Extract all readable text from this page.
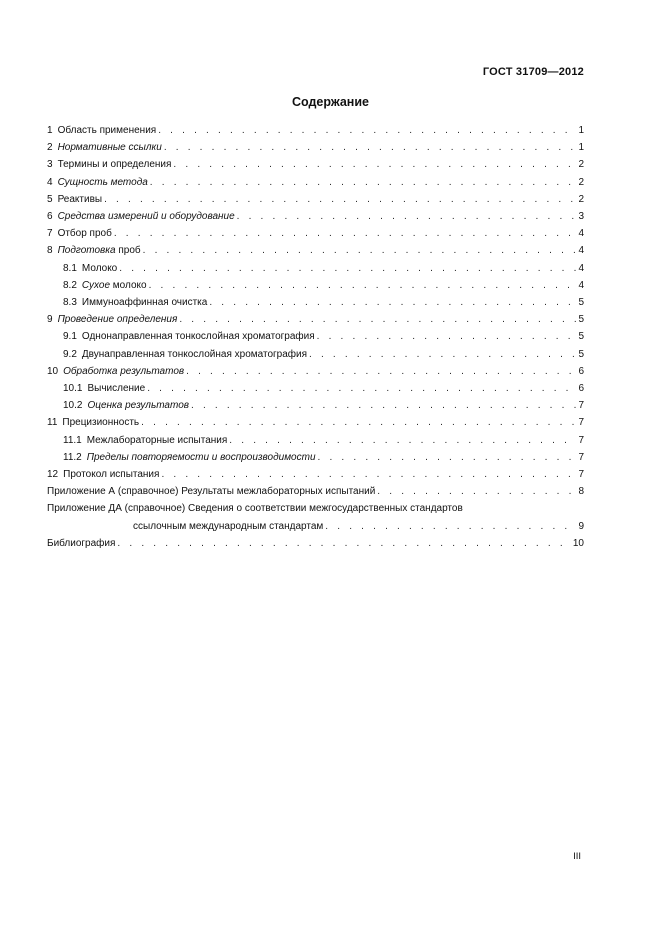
ГОСТ 31709—2012
Содержание
1 Область применения . . .	1
2 Нормативные ссылки . . .	1
3 Термины и определения . . .	2
4 Сущность метода . . .	2
5 Реактивы . . .	2
6 Средства измерений и оборудование . . .	3
7 Отбор проб . . .	4
8 Подготовка проб . . .	4
8.1 Молоко . . .	4
8.2 Сухое молоко . . .	4
8.3 Иммуноаффинная очистка . . .	5
9 Проведение определения . . .	5
9.1 Однонаправленная тонкослойная хроматография . . .	5
9.2 Двунаправленная тонкослойная хроматография . . .	5
10 Обработка результатов . . .	6
10.1 Вычисление . . .	6
10.2 Оценка результатов . . .	7
11 Прецизионность . . .	7
11.1 Межлабораторные испытания . . .	7
11.2 Пределы повторяемости и воспроизводимости . . .	7
12 Протокол испытания . . .	7
Приложение А (справочное) Результаты межлабораторных испытаний . . .	8
Приложение ДА (справочное) Сведения о соответствии межгосударственных стандартов
ссылочным международным стандартам . . .	9
Библиография . . .	10
III
